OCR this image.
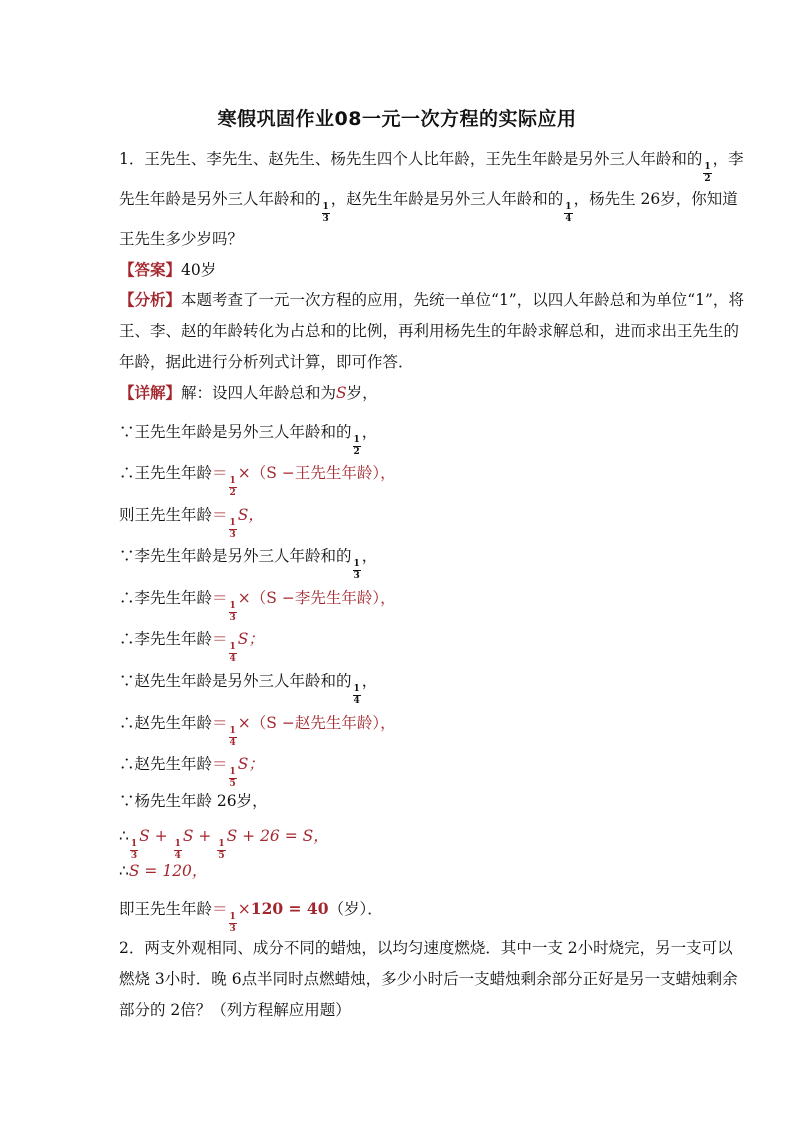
寒假巩固作业08一元一次方程的实际应用
1．王先生、李先生、赵先生、杨先生四个人比年龄，王先生年龄是另外三人年龄和的
$\frac{1}{2}$
，李
先生年龄是另外三人年龄和的
$\frac{1}{3}$
，赵先生年龄是另外三人年龄和的
$\frac{1}{4}$
，杨先生 26岁，你知道
王先生多少岁吗？
【答案】40岁
【分析】本题考查了一元一次方程的应用，先统一单位“1”，以四人年龄总和为单位“1”，将
王、李、赵的年龄转化为占总和的比例，再利用杨先生的年龄求解总和，进而求出王先生的
年龄，据此进行分析列式计算，即可作答．
【详解】解：设四人年龄总和为S岁，
∵王先生年龄是另外三人年龄和的
$\frac{1}{2}$
，
∴王先生年龄＝
$\frac{1}{2}$
×（S −王先生年龄），
则王先生年龄＝
$\frac{1}{3}$
S，
∵李先生年龄是另外三人年龄和的
$\frac{1}{3}$
，
∴李先生年龄＝
$\frac{1}{3}$
×（S −李先生年龄），
∴李先生年龄＝
$\frac{1}{4}$
S；
∵赵先生年龄是另外三人年龄和的
$\frac{1}{4}$
，
∴赵先生年龄＝
$\frac{1}{4}$
×（S −赵先生年龄），
∴赵先生年龄＝
$\frac{1}{5}$
S；
∵杨先生年龄 26岁，
∴
$\frac{1}{3}$
S +
$\frac{1}{4}$
S +
$\frac{1}{5}$
S + 26 = S，
∴S = 120，
即王先生年龄＝
$\frac{1}{3}$
×120 = 40（岁）．
2．两支外观相同、成分不同的蜡烛，以均匀速度燃烧．其中一支 2小时烧完，另一支可以
燃烧 3小时．晚 6点半同时点燃蜡烛，多少小时后一支蜡烛剩余部分正好是另一支蜡烛剩余
部分的 2倍？（列方程解应用题）
